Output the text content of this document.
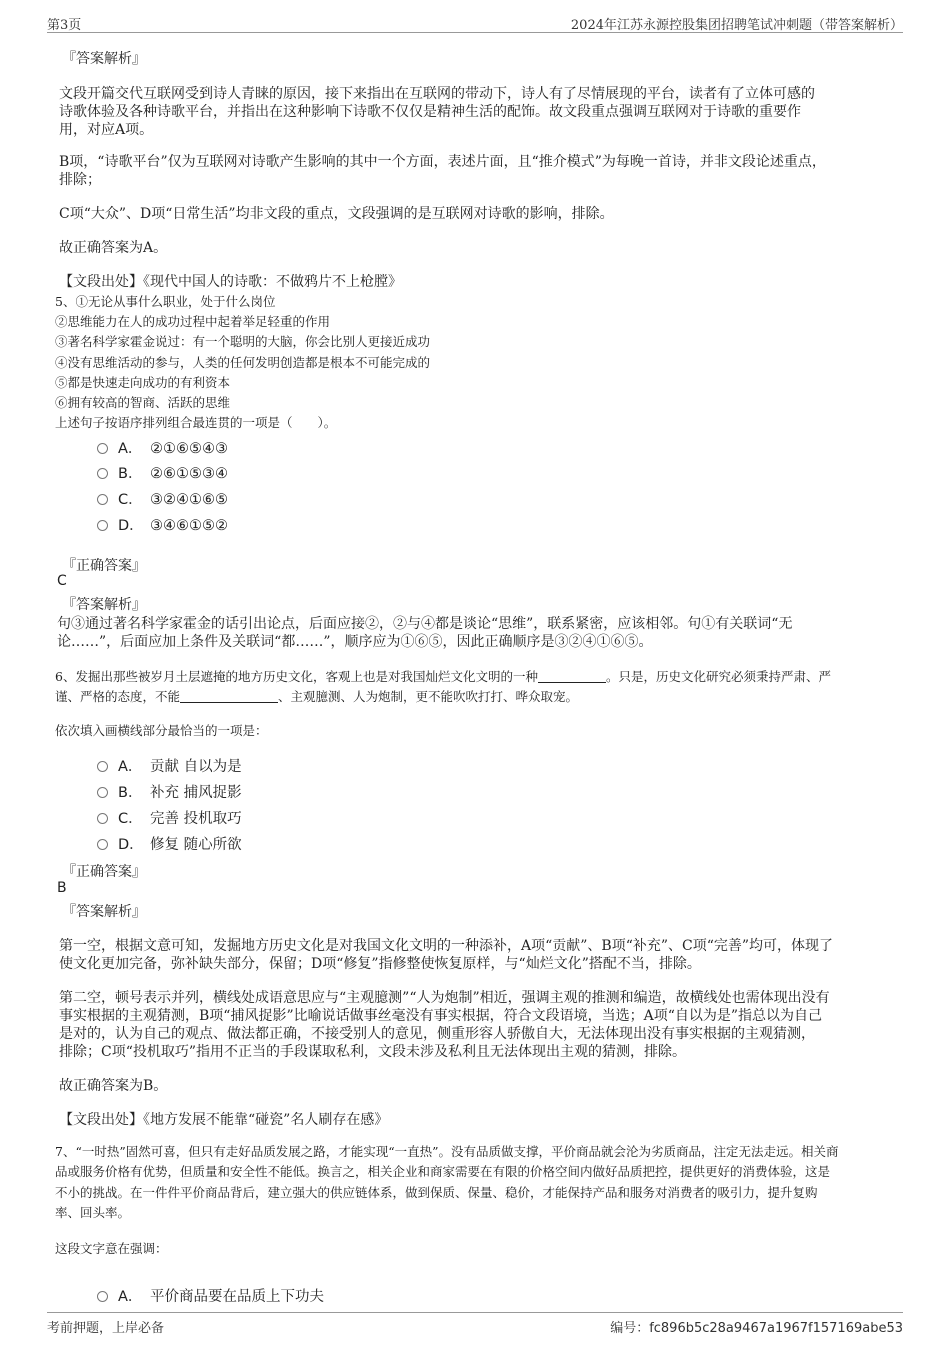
第3页	2024年江苏永源控股集团招聘笔试冲刺题（带答案解析）
『答案解析』
文段开篇交代互联网受到诗人青睐的原因，接下来指出在互联网的带动下，诗人有了尽情展现的平台，读者有了立体可感的
诗歌体验及各种诗歌平台，并指出在这种影响下诗歌不仅仅是精神生活的配饰。故文段重点强调互联网对于诗歌的重要作
用，对应A项。
B项，“诗歌平台”仅为互联网对诗歌产生影响的其中一个方面，表述片面，且“推介模式”为每晚一首诗，并非文段论述重点，
排除；
C项“大众”、D项“日常生活”均非文段的重点，文段强调的是互联网对诗歌的影响，排除。
故正确答案为A。
【文段出处】《现代中国人的诗歌：不做鸦片不上枪膛》
5、①无论从事什么职业，处于什么岗位
②思维能力在人的成功过程中起着举足轻重的作用
③著名科学家霍金说过：有一个聪明的大脑，你会比别人更接近成功
④没有思维活动的参与，人类的任何发明创造都是根本不可能完成的
⑤都是快速走向成功的有利资本
⑥拥有较高的智商、活跃的思维
上述句子按语序排列组合最连贯的一项是（　　）。
A． ②①⑥⑤④③
B． ②⑥①⑤③④
C． ③②④①⑥⑤
D． ③④⑥①⑤②
『正确答案』
C
『答案解析』
句③通过著名科学家霍金的话引出论点，后面应接②，②与④都是谈论“思维”，联系紧密，应该相邻。句①有关联词“无
论……”，后面应加上条件及关联词“都……”，顺序应为①⑥⑤，因此正确顺序是③②④①⑥⑤。
6、发掘出那些被岁月土层遮掩的地方历史文化，客观上也是对我国灿烂文化文明的一种	。只是，历史文化研究必须秉持严肃、严
谨、严格的态度，不能	、主观臆测、人为炮制，更不能吹吹打打、哗众取宠。
依次填入画横线部分最恰当的一项是：
A． 贡献 自以为是
B． 补充 捕风捉影
C． 完善 投机取巧
D． 修复 随心所欲
『正确答案』
B
『答案解析』
第一空，根据文意可知，发掘地方历史文化是对我国文化文明的一种添补，A项“贡献”、B项“补充”、C项“完善”均可，体现了
使文化更加完备，弥补缺失部分，保留；D项“修复”指修整使恢复原样，与“灿烂文化”搭配不当，排除。
第二空，顿号表示并列，横线处成语意思应与“主观臆测”“人为炮制”相近，强调主观的推测和编造，故横线处也需体现出没有
事实根据的主观猜测，B项“捕风捉影”比喻说话做事丝毫没有事实根据，符合文段语境，当选；A项“自以为是”指总以为自己
是对的，认为自己的观点、做法都正确，不接受别人的意见，侧重形容人骄傲自大，无法体现出没有事实根据的主观猜测，
排除；C项“投机取巧”指用不正当的手段谋取私利，文段未涉及私利且无法体现出主观的猜测，排除。
故正确答案为B。
【文段出处】《地方发展不能靠“碰瓷”名人刷存在感》
7、“一时热”固然可喜，但只有走好品质发展之路，才能实现“一直热”。没有品质做支撑，平价商品就会沦为劣质商品，注定无法走远。相关商
品或服务价格有优势，但质量和安全性不能低。换言之，相关企业和商家需要在有限的价格空间内做好品质把控，提供更好的消费体验，这是
不小的挑战。在一件件平价商品背后，建立强大的供应链体系，做到保质、保量、稳价，才能保持产品和服务对消费者的吸引力，提升复购
率、回头率。
这段文字意在强调：
A． 平价商品要在品质上下功夫
考前押题，上岸必备	编号：fc896b5c28a9467a1967f157169abe53
